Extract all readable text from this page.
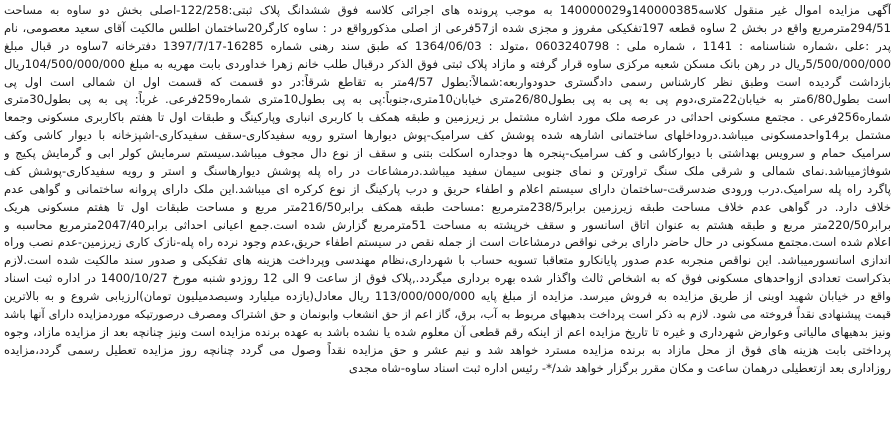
آگهی مزایده اموال غیر منقول کلاسه140000385و140000029 به موجب پرونده های اجرائی کلاسه فوق ششدانگ پلاک ثبتی:122/258-اصلی بخش دو ساوه به مساحت
294/51مترمربع واقع در بخش 2 ساوه قطعه 197تفکیکی مفروز و مجزی شده از57فرعی از اصلی مذکورواقع در : ساوه کارگر20ساختمان اطلس مالکیت آقای سعید معصومی، نام
پدر :علی ،شماره شناسنامه : 1141 ، شماره ملی : 0603240798 ،متولد : 1364/06/03 که طبق سند رهنی شماره 16285-1397/7/17 دفترخانه 7ساوه در قبال مبلغ
5/500/000/000ریال در رهن بانک مسکن شعبه مرکزی ساوه قرار گرفته و مازاد پلاک ثبتی فوق الذکر درقبال طلب خانم زهرا خداوردی بابت مهریه به مبلغ 104/500/000/000ریال
بازداشت گردیده است وطبق نظر کارشناس رسمی دادگستری حدودواربعه:شمالاً:بطول 4/57متر به تقاطع شرقاً:در دو قسمت که قسمت اول ان شمالی است اول پی
است بطول6/80متر به خیابان22متری،دوم پی به پی به پی بطول26/80متری خیابان10متری،جنوباً:پی به پی بطول10متری شماره259فرعی. غرباً: پی به پی بطول30متری
شماره256فرعی . مجتمع مسکونی احداثی در عرصه ملک مورد اشاره مشتمل بر زیرزمین و طبقه همکف با کاربری انباری وپارکینگ و طبقات اول تا هفتم باکاربری مسکونی وجمعا
مشتمل بر14واحدمسکونی میباشد.دروداخلهای ساختمانی اشارهه شده پوشش کف سرامیک-پوش دیوارها استرو رویه سفیدکاری-سقف سفیدکاری-اشپزخانه با دیوار کاشی وکف
سرامیک حمام و سرویس بهداشتی با دیوارکاشی و کف سرامیک-پنجره ها دوجداره اسکلت بتنی و سقف از نوع دال مجوف میباشد.سیستم سرمایش کولر ابی و گرمایش پکیج و
شوفاژمیباشد.نمای شمالی و شرقی ملک سنگ تراورتن و نمای جنوبی سیمان سفید میباشد.درمشاعات در راه پله پوشش دیوارهاسنگ و استر و رویه سفیدکاری-پوشش کف
پاگرد راه پله سرامیک.درب ورودی ضدسرقت-ساختمان دارای سیستم اعلام و اطفاء حریق و درب پارکینگ از نوع کرکره ای میباشد.این ملک دارای پروانه ساختمانی و گواهی عدم
خلاف دارد. در گواهی عدم خلاف مساحت طبقه زیرزمین برابر238/5مترمربع :مساحت طبقه همکف برابر216/50متر مربع و مساحت طبقات اول تا هفتم مسکونی هریک
برابر220/50متر مربع و طبقه هشتم به عنوان اتاق اسانسور و سقف خرپشته به مساحت 51مترمربع گزارش شده است.جمع اعیانی احداثی برابر2047/40مترمربع محاسبه و
اعلام شده است.مجتمع مسکونی در حال حاضر دارای برخی نواقص درمشاعات است از جمله نقص در سیستم اطفاء حریق،عدم وجود نرده راه پله-نازک کاری زیرزمین-عدم نصب وراه
اندازی اسانسورمیباشد. این نواقص منجربه عدم صدور پایانکارو متعاقبا تسویه حساب با شهرداری،نظام مهندسی وپرداخت هزینه های تفکیکی و صدور سند مالکیت شده است.لازم
بذکراست تعدادی ازواحدهای مسکونی فوق که به اشخاص ثالث واگذار شده بهره برداری میگردد.,پلاک فوق از ساعت 9 الی 12 روزدو شنبه مورخ 1400/10/27 در اداره ثبت اسناد
واقع در خیابان شهید اوینی از طریق مزایده به فروش میرسد. مزایده از مبلغ پایه 113/000/000/000 ریال معادل(یازده میلیارد وسیصدمیلیون تومان)ارزیابی شروع و به بالاترین
قیمت پیشنهادی نقداً فروخته می شود. لازم به ذکر است پرداخت بدهیهای مربوط به آب، برق، گاز اعم از حق انشعاب وابونمان و حق اشتراک ومصرف درصورتیکه موردمزایده دارای آنها باشد
ونیز بدهیهای مالیاتی وعوارض شهرداری و غیره تا تاریخ مزایده اعم از اینکه رقم قطعی آن معلوم شده یا نشده باشد به عهده برنده مزایده است ونیز چنانچه بعد از مزایده مازاد، وجوه
پرداختی بابت هزینه های فوق از محل مازاد به برنده مزایده مسترد خواهد شد و نیم عشر و حق مزایده نقداً وصول می گردد چنانچه روز مزایده تعطیل رسمی گردد،مزایده
روزاداری بعد ازتعطیلی درهمان ساعت و مکان مقرر برگزار خواهد شد/*- رئیس اداره ثبت اسناد ساوه-شاه مجدی
